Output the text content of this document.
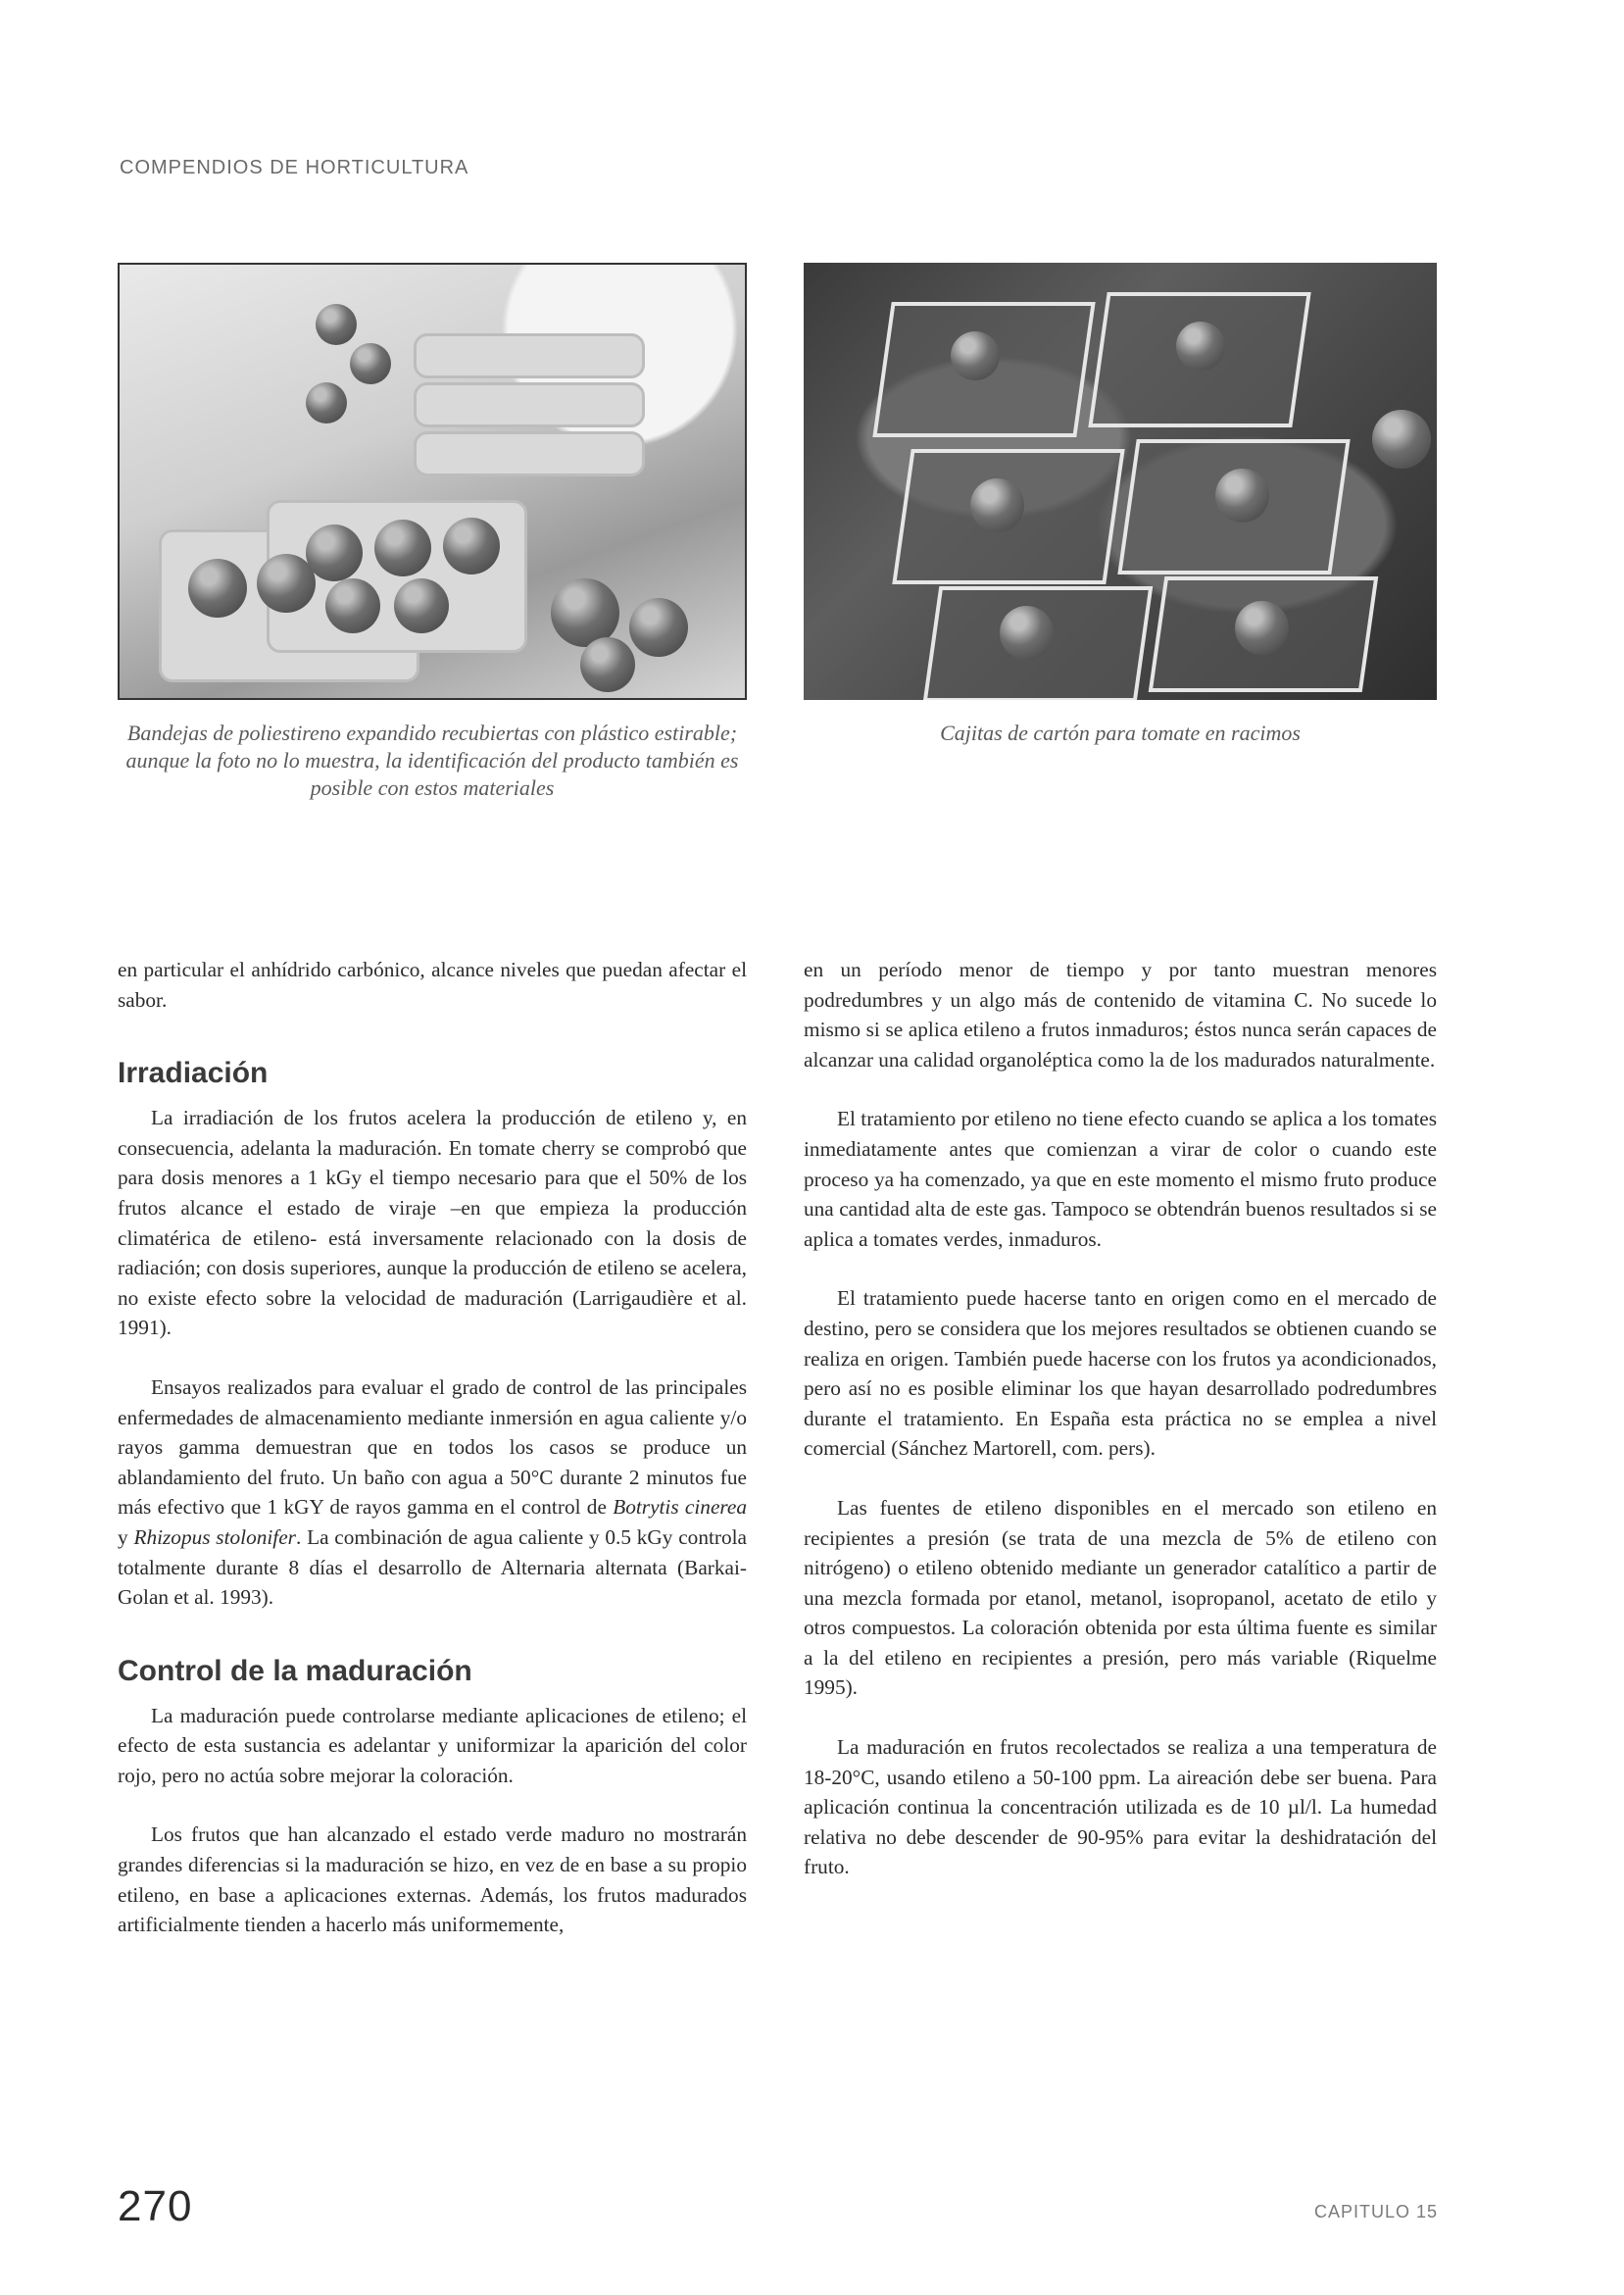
COMPENDIOS DE HORTICULTURA
Bandejas de poliestireno expandido recubiertas con plástico estirable; aunque la foto no lo muestra, la identificación del producto también es posible con estos materiales
Cajitas de cartón para tomate en racimos

en particular el anhídrido carbónico, alcance niveles que puedan afectar el sabor.

Irradiación

La irradiación de los frutos acelera la producción de etileno y, en consecuencia, adelanta la maduración. En tomate cherry se comprobó que para dosis menores a 1 kGy el tiempo necesario para que el 50% de los frutos alcance el estado de viraje –en que empieza la producción climatérica de etileno- está inversamente relacionado con la dosis de radiación; con dosis superiores, aunque la producción de etileno se acelera, no existe efecto sobre la velocidad de maduración (Larrigaudière et al. 1991).

Ensayos realizados para evaluar el grado de control de las principales enfermedades de almacenamiento mediante inmersión en agua caliente y/o rayos gamma demuestran que en todos los casos se produce un ablandamiento del fruto. Un baño con agua a 50°C durante 2 minutos fue más efectivo que 1 kGY de rayos gamma en el control de Botrytis cinerea y Rhizopus stolonifer. La combinación de agua caliente y 0.5 kGy controla totalmente durante 8 días el desarrollo de Alternaria alternata (Barkai-Golan et al. 1993).

Control de la maduración

La maduración puede controlarse mediante aplicaciones de etileno; el efecto de esta sustancia es adelantar y uniformizar la aparición del color rojo, pero no actúa sobre mejorar la coloración.

Los frutos que han alcanzado el estado verde maduro no mostrarán grandes diferencias si la maduración se hizo, en vez de en base a su propio etileno, en base a aplicaciones externas. Además, los frutos madurados artificialmente tienden a hacerlo más uniformemente,

en un período menor de tiempo y por tanto muestran menores podredumbres y un algo más de contenido de vitamina C. No sucede lo mismo si se aplica etileno a frutos inmaduros; éstos nunca serán capaces de alcanzar una calidad organoléptica como la de los madurados naturalmente.

El tratamiento por etileno no tiene efecto cuando se aplica a los tomates inmediatamente antes que comienzan a virar de color o cuando este proceso ya ha comenzado, ya que en este momento el mismo fruto produce una cantidad alta de este gas. Tampoco se obtendrán buenos resultados si se aplica a tomates verdes, inmaduros.

El tratamiento puede hacerse tanto en origen como en el mercado de destino, pero se considera que los mejores resultados se obtienen cuando se realiza en origen. También puede hacerse con los frutos ya acondicionados, pero así no es posible eliminar los que hayan desarrollado podredumbres durante el tratamiento. En España esta práctica no se emplea a nivel comercial (Sánchez Martorell, com. pers).

Las fuentes de etileno disponibles en el mercado son etileno en recipientes a presión (se trata de una mezcla de 5% de etileno con nitrógeno) o etileno obtenido mediante un generador catalítico a partir de una mezcla formada por etanol, metanol, isopropanol, acetato de etilo y otros compuestos. La coloración obtenida por esta última fuente es similar a la del etileno en recipientes a presión, pero más variable (Riquelme 1995).

La maduración en frutos recolectados se realiza a una temperatura de 18-20°C, usando etileno a 50-100 ppm. La aireación debe ser buena. Para aplicación continua la concentración utilizada es de 10 µl/l. La humedad relativa no debe descender de 90-95% para evitar la deshidratación del fruto.

270	CAPITULO 15
